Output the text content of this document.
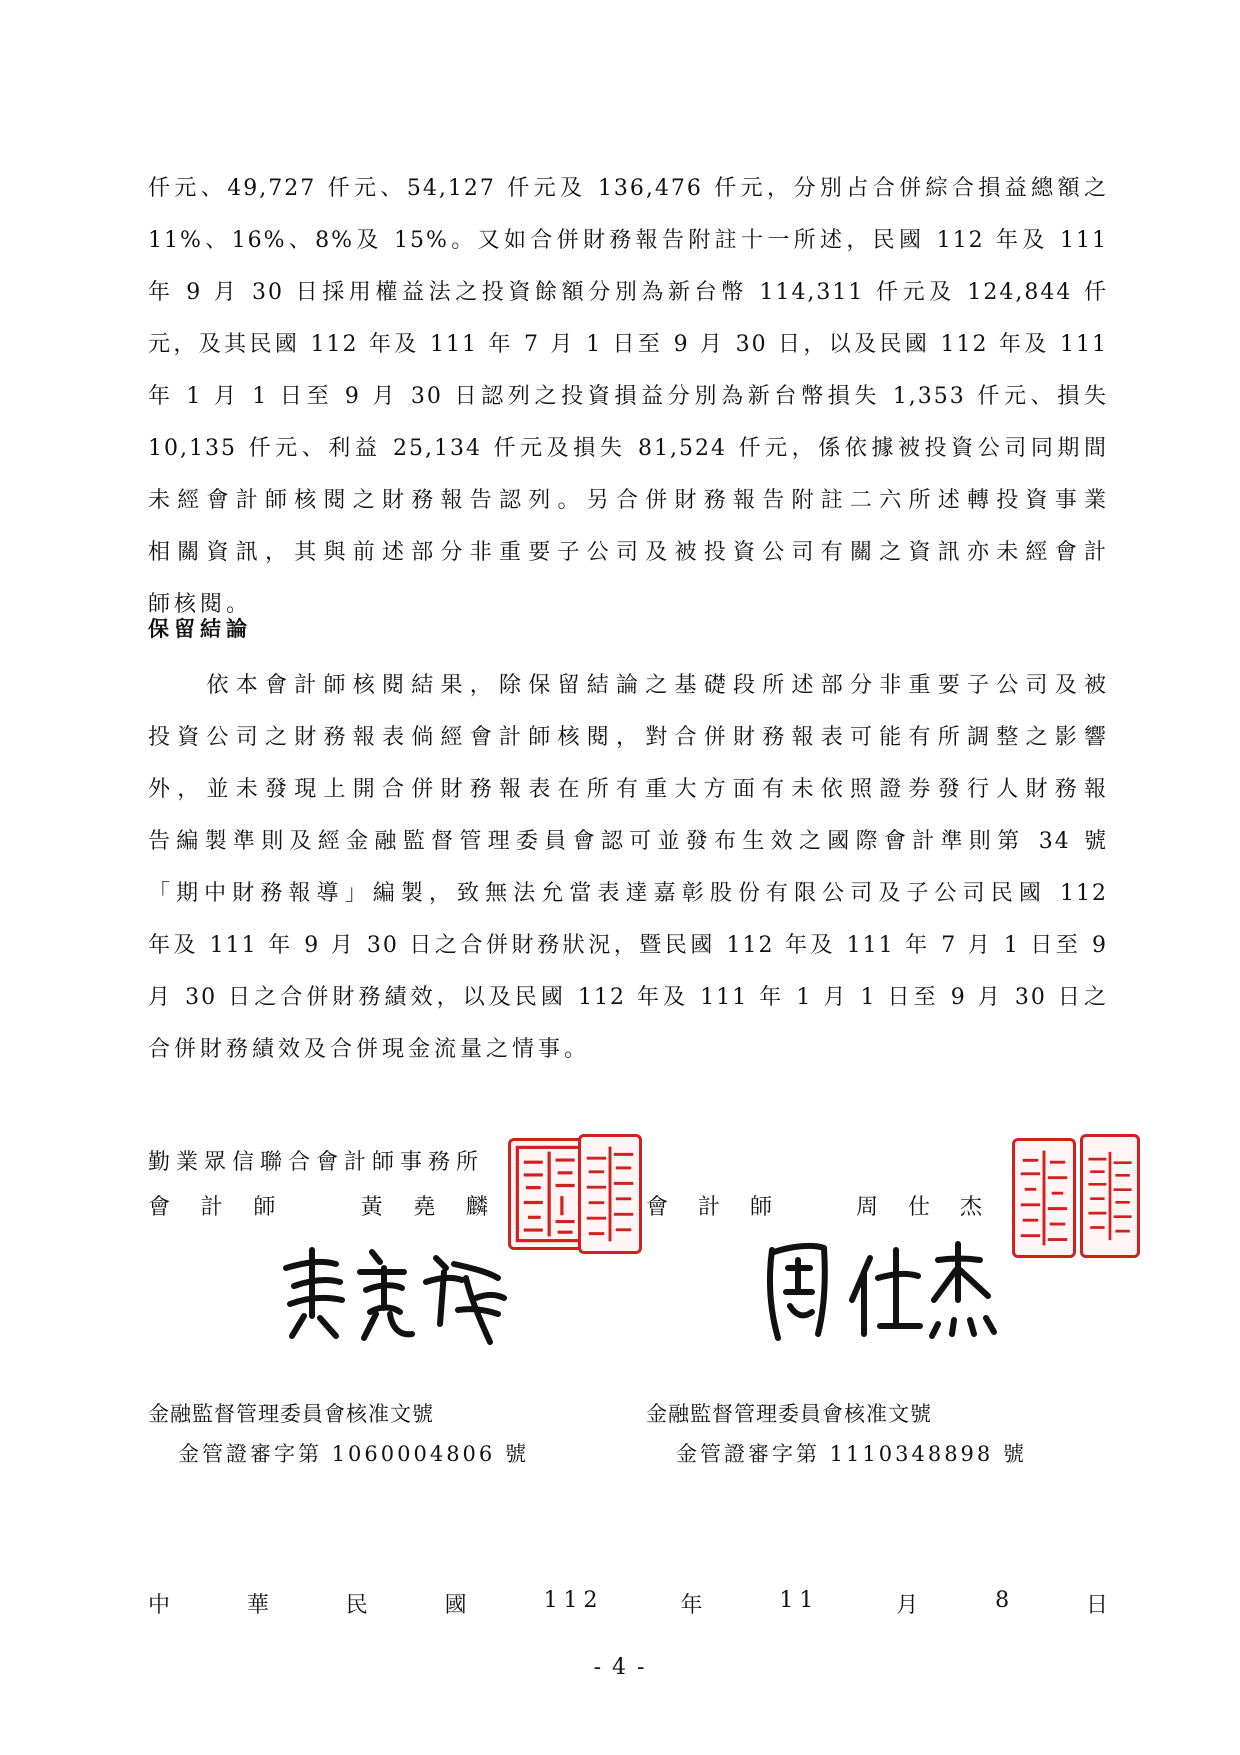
仟元、49,727 仟元、54,127 仟元及 136,476 仟元，分別占合併綜合損益總額之
11%、16%、8%及 15%。又如合併財務報告附註十一所述，民國 112 年及 111
年 9 月 30 日採用權益法之投資餘額分別為新台幣 114,311 仟元及 124,844 仟
元，及其民國 112 年及 111 年 7 月 1 日至 9 月 30 日，以及民國 112 年及 111
年 1 月 1 日至 9 月 30 日認列之投資損益分別為新台幣損失 1,353 仟元、損失
10,135 仟元、利益 25,134 仟元及損失 81,524 仟元，係依據被投資公司同期間
未經會計師核閱之財務報告認列。另合併財務報告附註二六所述轉投資事業
相關資訊，其與前述部分非重要子公司及被投資公司有關之資訊亦未經會計
師核閱。
保留結論
　　依本會計師核閱結果，除保留結論之基礎段所述部分非重要子公司及被
投資公司之財務報表倘經會計師核閱，對合併財務報表可能有所調整之影響
外，並未發現上開合併財務報表在所有重大方面有未依照證券發行人財務報
告編製準則及經金融監督管理委員會認可並發布生效之國際會計準則第 34 號
「期中財務報導」編製，致無法允當表達嘉彰股份有限公司及子公司民國 112
年及 111 年 9 月 30 日之合併財務狀況，暨民國 112 年及 111 年 7 月 1 日至 9
月 30 日之合併財務績效，以及民國 112 年及 111 年 1 月 1 日至 9 月 30 日之
合併財務績效及合併現金流量之情事。
勤業眾信聯合會計師事務所
會 計 師	黃 堯 麟	會 計 師	周 仕 杰
金融監督管理委員會核准文號
金管證審字第 1060004806 號
金融監督管理委員會核准文號
金管證審字第 1110348898 號
中	華	民	國	112	年	11	月	8	日
- 4 -
